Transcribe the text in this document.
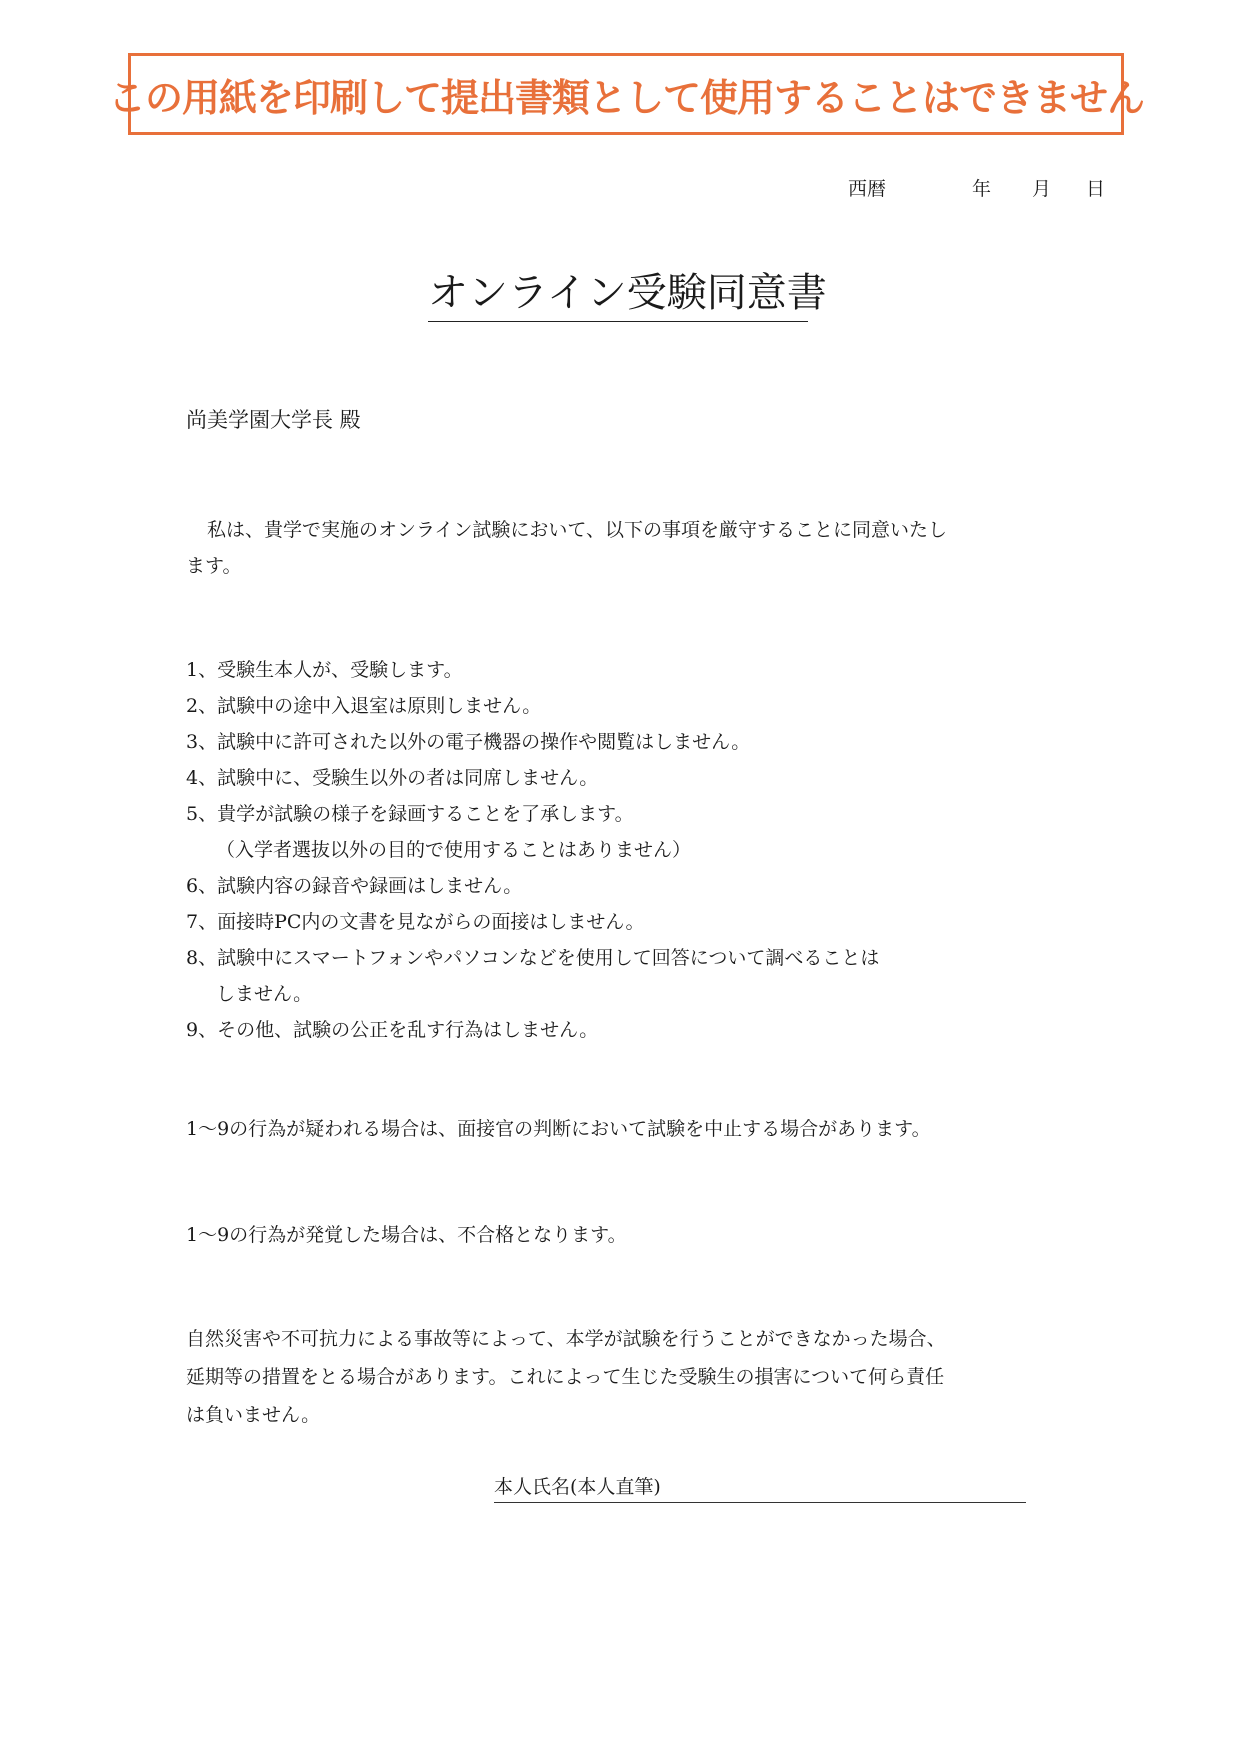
この用紙を印刷して提出書類として使用することはできません
西暦	年 月 日
オンライン受験同意書
尚美学園大学長 殿
私は、貴学で実施のオンライン試験において、以下の事項を厳守することに同意いたし
ます。
1、受験生本人が、受験します。
2、試験中の途中入退室は原則しません。
3、試験中に許可された以外の電子機器の操作や閲覧はしません。
4、試験中に、受験生以外の者は同席しません。
5、貴学が試験の様子を録画することを了承します。
（入学者選抜以外の目的で使用することはありません）
6、試験内容の録音や録画はしません。
7、面接時PC内の文書を見ながらの面接はしません。
8、試験中にスマートフォンやパソコンなどを使用して回答について調べることは
しません。
9、その他、試験の公正を乱す行為はしません。
1～9の行為が疑われる場合は、面接官の判断において試験を中止する場合があります。
1～9の行為が発覚した場合は、不合格となります。
自然災害や不可抗力による事故等によって、本学が試験を行うことができなかった場合、
延期等の措置をとる場合があります。これによって生じた受験生の損害について何ら責任
は負いません。
本人氏名(本人直筆)
